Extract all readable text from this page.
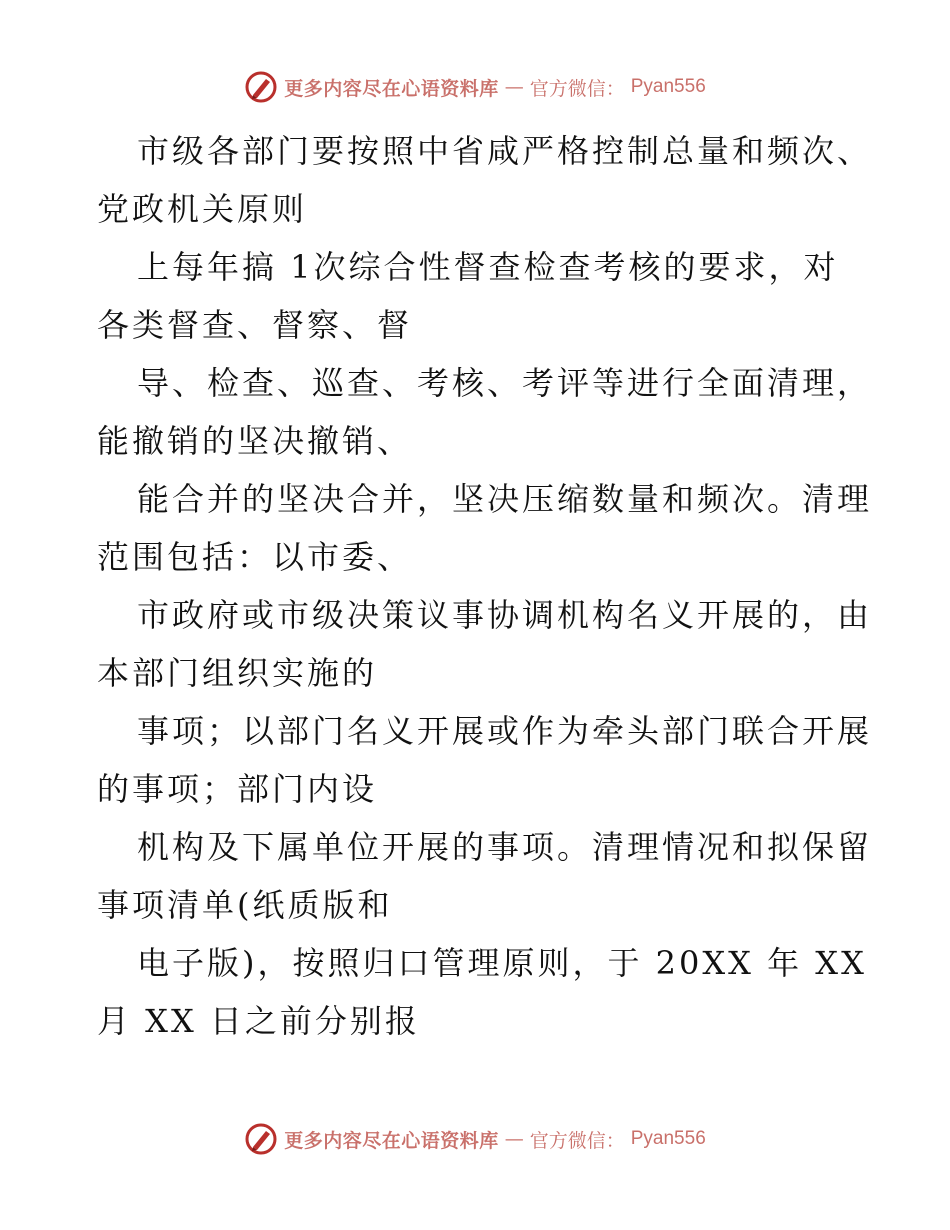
更多内容尽在心语资料库 — 官方微信： Pyan556
市级各部门要按照中省咸严格控制总量和频次、
党政机关原则
上每年搞 1次综合性督查检查考核的要求，对
各类督查、督察、督
导、检查、巡查、考核、考评等进行全面清理，
能撤销的坚决撤销、
能合并的坚决合并，坚决压缩数量和频次。清理
范围包括：以市委、
市政府或市级决策议事协调机构名义开展的，由
本部门组织实施的
事项；以部门名义开展或作为牵头部门联合开展
的事项；部门内设
机构及下属单位开展的事项。清理情况和拟保留
事项清单(纸质版和
电子版)，按照归口管理原则，于 20XX 年 XX
月 XX 日之前分别报
更多内容尽在心语资料库 — 官方微信： Pyan556
